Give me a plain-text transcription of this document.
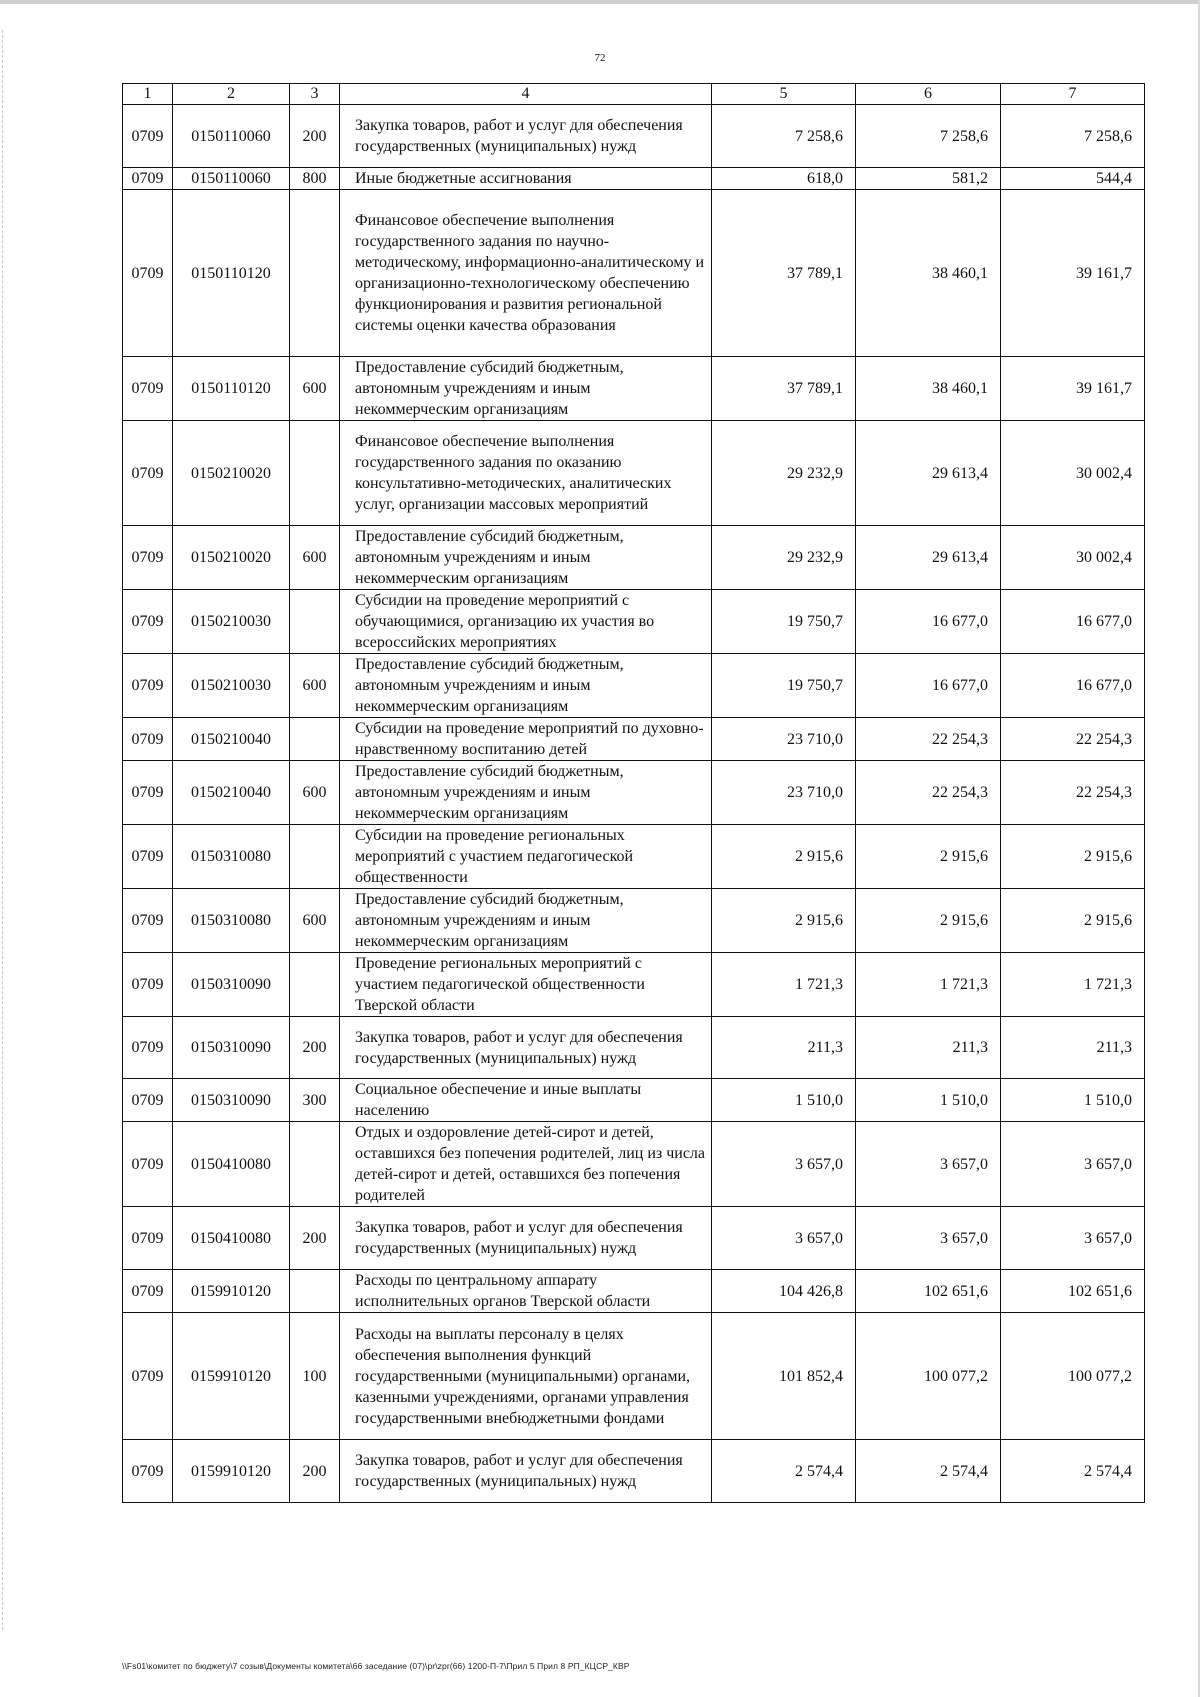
72
1	2	3	4	5	6	7
0709	0150110060	200	Закупка товаров, работ и услуг для обеспечения государственных (муниципальных) нужд	7 258,6	7 258,6	7 258,6
0709	0150110060	800	Иные бюджетные ассигнования	618,0	581,2	544,4
0709	0150110120		Финансовое обеспечение выполнения государственного задания по научно-методическому, информационно-аналитическому и организационно-технологическому обеспечению функционирования и развития региональной системы оценки качества образования	37 789,1	38 460,1	39 161,7
0709	0150110120	600	Предоставление субсидий бюджетным, автономным учреждениям и иным некоммерческим организациям	37 789,1	38 460,1	39 161,7
0709	0150210020		Финансовое обеспечение выполнения государственного задания по оказанию консультативно-методических, аналитических услуг, организации массовых мероприятий	29 232,9	29 613,4	30 002,4
0709	0150210020	600	Предоставление субсидий бюджетным, автономным учреждениям и иным некоммерческим организациям	29 232,9	29 613,4	30 002,4
0709	0150210030		Субсидии на проведение мероприятий с обучающимися, организацию их участия во всероссийских мероприятиях	19 750,7	16 677,0	16 677,0
0709	0150210030	600	Предоставление субсидий бюджетным, автономным учреждениям и иным некоммерческим организациям	19 750,7	16 677,0	16 677,0
0709	0150210040		Субсидии на проведение мероприятий по духовно-нравственному воспитанию детей	23 710,0	22 254,3	22 254,3
0709	0150210040	600	Предоставление субсидий бюджетным, автономным учреждениям и иным некоммерческим организациям	23 710,0	22 254,3	22 254,3
0709	0150310080		Субсидии на проведение региональных мероприятий с участием педагогической общественности	2 915,6	2 915,6	2 915,6
0709	0150310080	600	Предоставление субсидий бюджетным, автономным учреждениям и иным некоммерческим организациям	2 915,6	2 915,6	2 915,6
0709	0150310090		Проведение региональных мероприятий с участием педагогической общественности Тверской области	1 721,3	1 721,3	1 721,3
0709	0150310090	200	Закупка товаров, работ и услуг для обеспечения государственных (муниципальных) нужд	211,3	211,3	211,3
0709	0150310090	300	Социальное обеспечение и иные выплаты населению	1 510,0	1 510,0	1 510,0
0709	0150410080		Отдых и оздоровление детей-сирот и детей, оставшихся без попечения родителей, лиц из числа детей-сирот и детей, оставшихся без попечения родителей	3 657,0	3 657,0	3 657,0
0709	0150410080	200	Закупка товаров, работ и услуг для обеспечения государственных (муниципальных) нужд	3 657,0	3 657,0	3 657,0
0709	0159910120		Расходы по центральному аппарату исполнительных органов Тверской области	104 426,8	102 651,6	102 651,6
0709	0159910120	100	Расходы на выплаты персоналу в целях обеспечения выполнения функций государственными (муниципальными) органами, казенными учреждениями, органами управления государственными внебюджетными фондами	101 852,4	100 077,2	100 077,2
0709	0159910120	200	Закупка товаров, работ и услуг для обеспечения государственных (муниципальных) нужд	2 574,4	2 574,4	2 574,4
\\Fs01\комитет по бюджету\7 созыв\Документы комитета\66 заседание (07)\pr\zpr(66) 1200-П-7\Прил 5 Прил 8 РП_КЦСР_КВР
